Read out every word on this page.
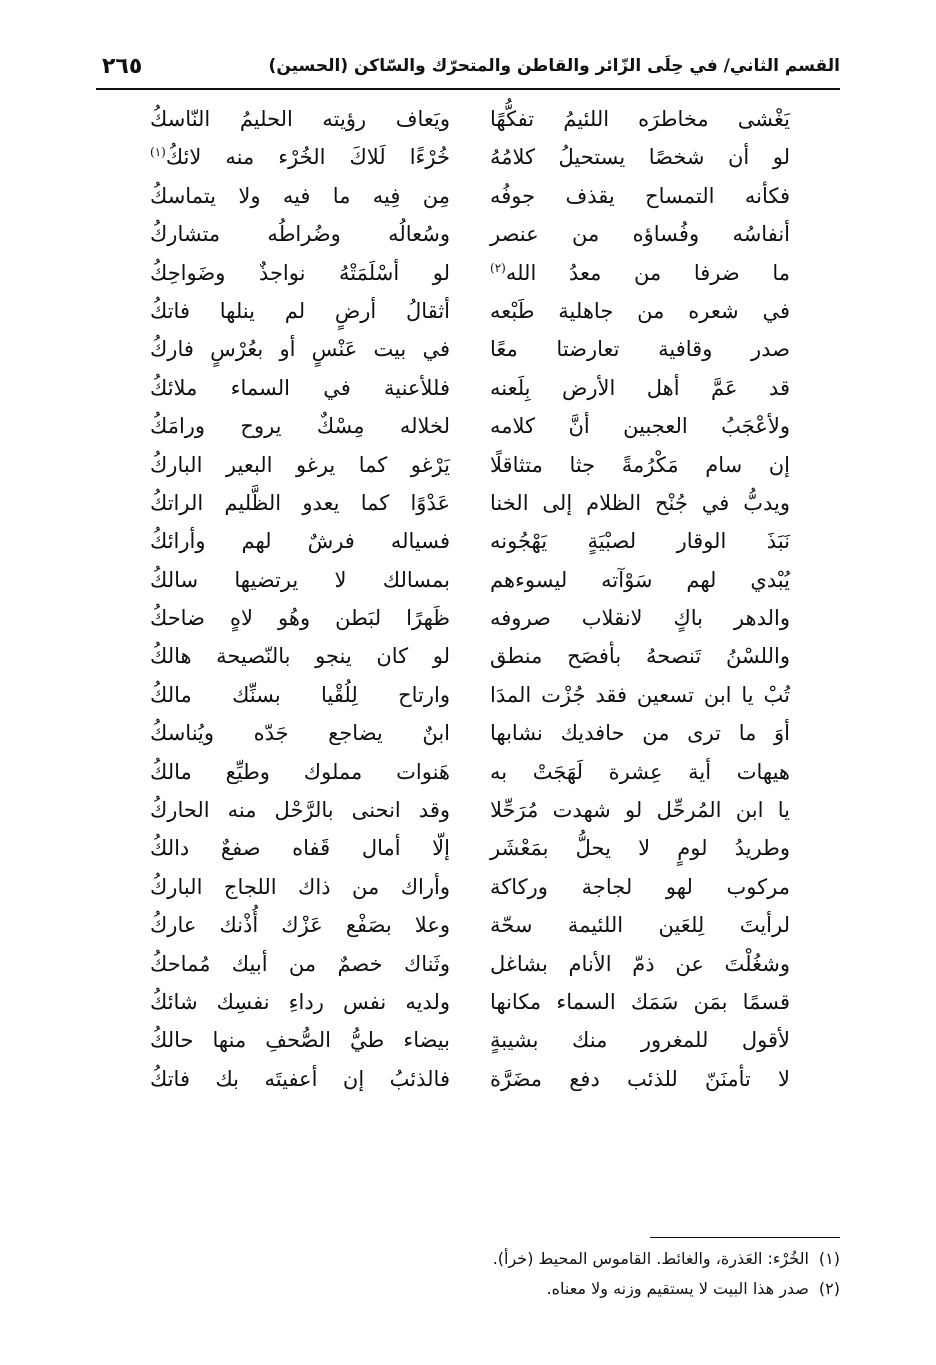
القسم الثاني/ في حِلَى الزّائر والقاطن والمتحرّك والسّاكن (الحسين)
٢٦٥
يَغْشى مخاطرَه اللئيمُ تفكُّهًا
ويَعاف رؤيته الحليمُ النّاسكُ
لو أن شخصًا يستحيلُ كلامُهُ
خُرْءًا لَلاكَ الخُرْء منه لائكُ$^{(١)}$
فكأنه التمساح يقذف جوفُه
مِن فِيه ما فيه ولا يتماسكُ
أنفاسُه وفُساؤه من عنصر
وسُعالُه وضُراطُه متشاركُ
ما ضرفا من معدُ الله$^{(٢)}$
لو أسْلَمَتْهُ نواجذٌ وضَواحِكُ
في شعره من جاهلية طَبْعه
أثقالُ أرضٍ لم ينلها فاتكُ
صدر وقافية تعارضتا معًا
في بيت عَنْسٍ أو بعُرْسٍ فاركُ
قد عَمَّ أهل الأرض بِلَعنه
فللأعنية في السماء ملائكُ
ولأعْجَبُ العجبين أنَّ كلامه
لخلاله مِسْكٌ يروح ورامَكُ
إن سام مَكْرُمةً جثا متثاقلًا
يَرْغو كما يرغو البعير الباركُ
ويدبُّ في جُنْح الظلام إلى الخنا
عَدْوًا كما يعدو الظَّليم الراتكُ
نَبَذَ الوقار لصبْيَةٍ يَهْجُونه
فسياله فرشٌ لهم وأرائكُ
يُبْدي لهم سَوْآته ليسوءهم
بمسالك لا يرتضيها سالكُ
والدهر باكٍ لانقلاب صروفه
ظَهرًا لبَطن وهُو لاهٍ ضاحكُ
واللسْنُ تَنصحهُ بأفصَح منطق
لو كان ينجو بالنّصيحة هالكُ
تُبْ يا ابن تسعين فقد جُزْت المدَا
وارتاح لِلُقْيا بسنِّك مالكُ
أوَ ما ترى من حافديك نشابها
ابنٌ يضاجع جَدّه ويُناسكُ
هيهات أية عِشرة لَهَجَتْ به
هَنوات مملوك وطيِّع مالكُ
يا ابن المُرحِّل لو شهدت مُرَحِّلا
وقد انحنى بالرَّحْل منه الحاركُ
وطريدُ لومٍ لا يحلُّ بمَعْشَر
إلّا أمال قَفاه صفعٌ دالكُ
مركوب لهو لجاجة وركاكة
وأراك من ذاك اللجاج الباركُ
لرأيتَ لِلعَين اللئيمة سحّة
وعلا بصَفْع عَزْك أُذْنك عاركُ
وشغُلْتَ عن ذمّ الأنام بشاغل
وثَناك خصمٌ من أبيك مُماحكُ
قسمًا بمَن سَمَك السماء مكانها
ولديه نفس رداءِ نفسِك شائكُ
لأقول للمغرور منك بشيبةٍ
بيضاء طيُّ الصُّحفِ منها حالكُ
لا تأمنَنّ للذئب دفع مضَرَّة
فالذئبُ إن أعفيتَه بك فاتكُ
(١)الخُرْء: العَذرة، والغائط. القاموس المحيط (خرأ).
(٢)صدر هذا البيت لا يستقيم وزنه ولا معناه.
